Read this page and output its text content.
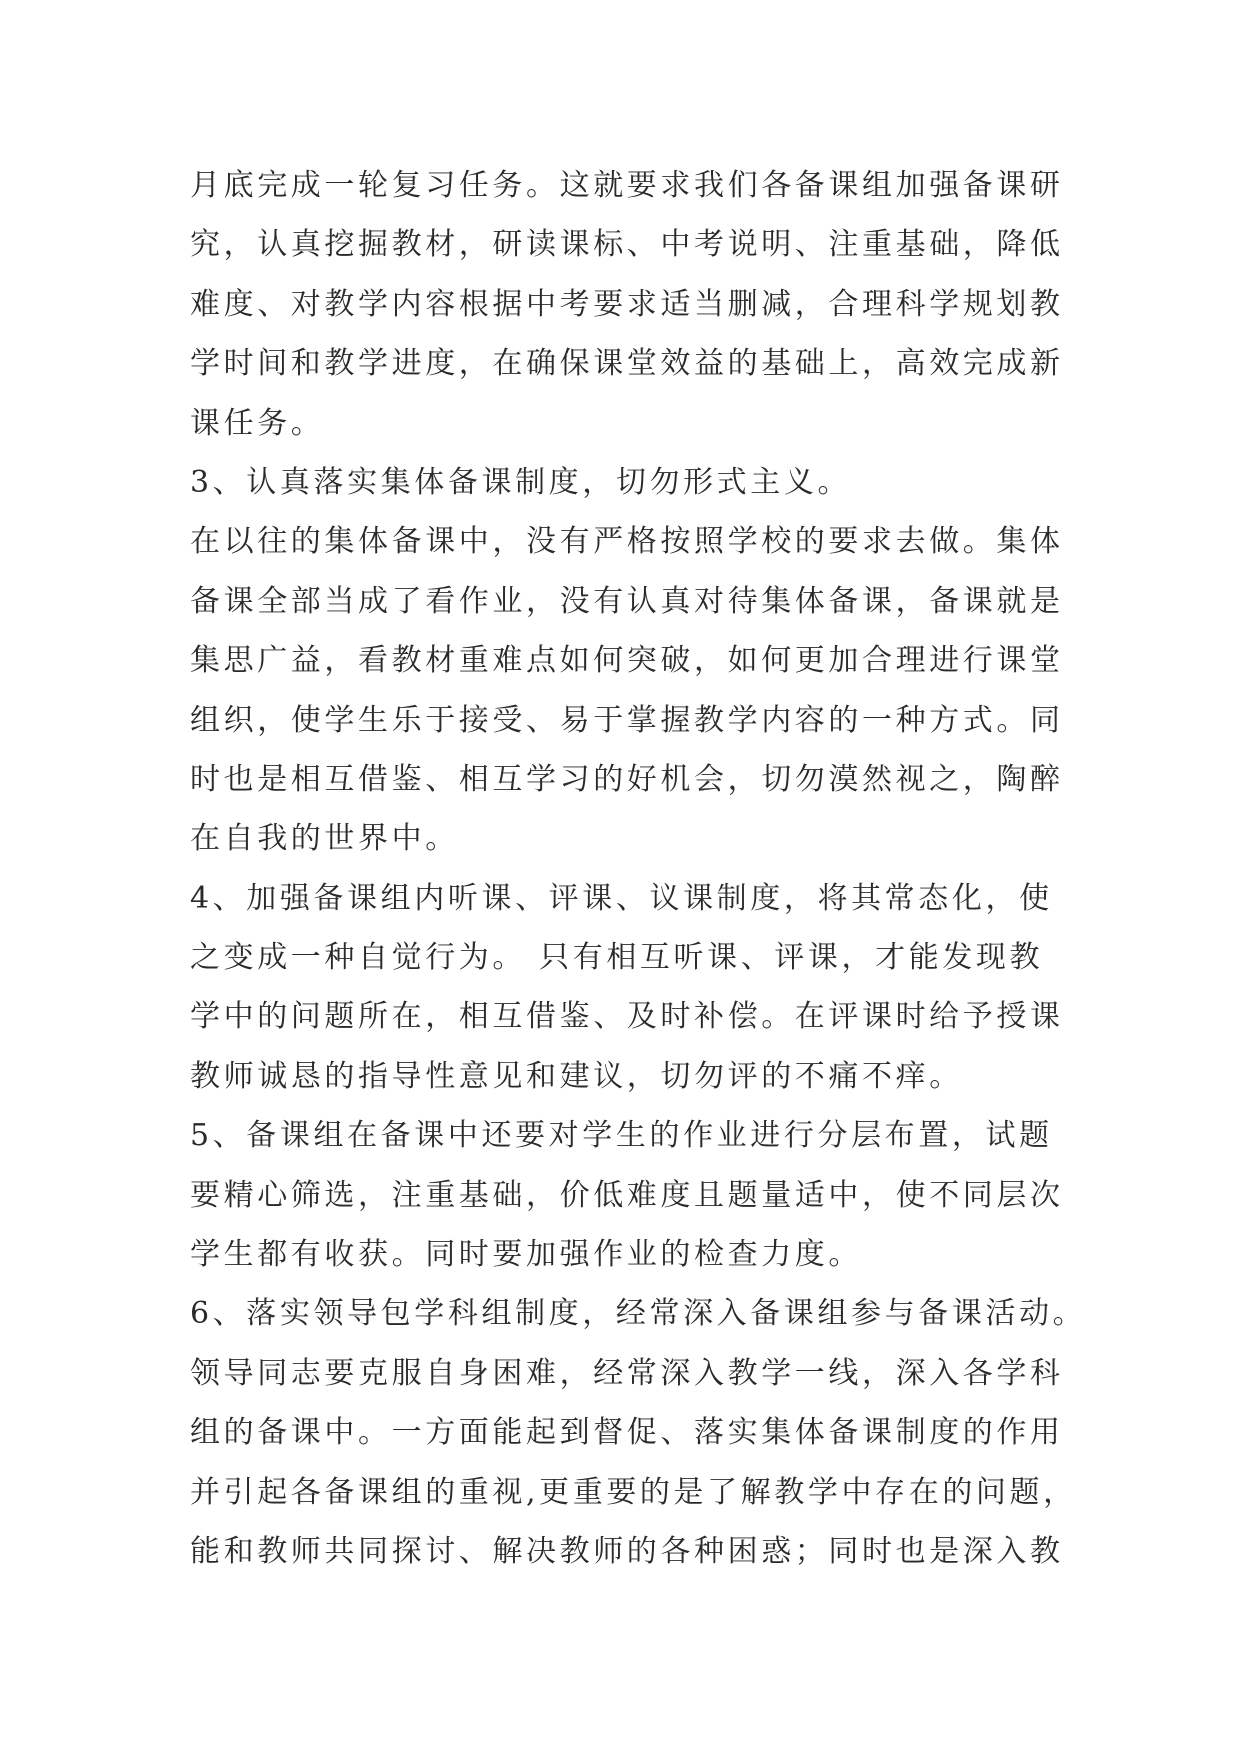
月底完成一轮复习任务。这就要求我们各备课组加强备课研
究，认真挖掘教材，研读课标、中考说明、注重基础，降低
难度、对教学内容根据中考要求适当删减，合理科学规划教
学时间和教学进度，在确保课堂效益的基础上，高效完成新
课任务。
3、认真落实集体备课制度，切勿形式主义。
在以往的集体备课中，没有严格按照学校的要求去做。集体
备课全部当成了看作业，没有认真对待集体备课，备课就是
集思广益，看教材重难点如何突破，如何更加合理进行课堂
组织，使学生乐于接受、易于掌握教学内容的一种方式。同
时也是相互借鉴、相互学习的好机会，切勿漠然视之，陶醉
在自我的世界中。
4、加强备课组内听课、评课、议课制度，将其常态化，使
之变成一种自觉行为。 只有相互听课、评课，才能发现教
学中的问题所在，相互借鉴、及时补偿。在评课时给予授课
教师诚恳的指导性意见和建议，切勿评的不痛不痒。
5、备课组在备课中还要对学生的作业进行分层布置，试题
要精心筛选，注重基础，价低难度且题量适中，使不同层次
学生都有收获。同时要加强作业的检查力度。
6、落实领导包学科组制度，经常深入备课组参与备课活动。
领导同志要克服自身困难，经常深入教学一线，深入各学科
组的备课中。一方面能起到督促、落实集体备课制度的作用
并引起各备课组的重视,更重要的是了解教学中存在的问题，
能和教师共同探讨、解决教师的各种困惑；同时也是深入教
